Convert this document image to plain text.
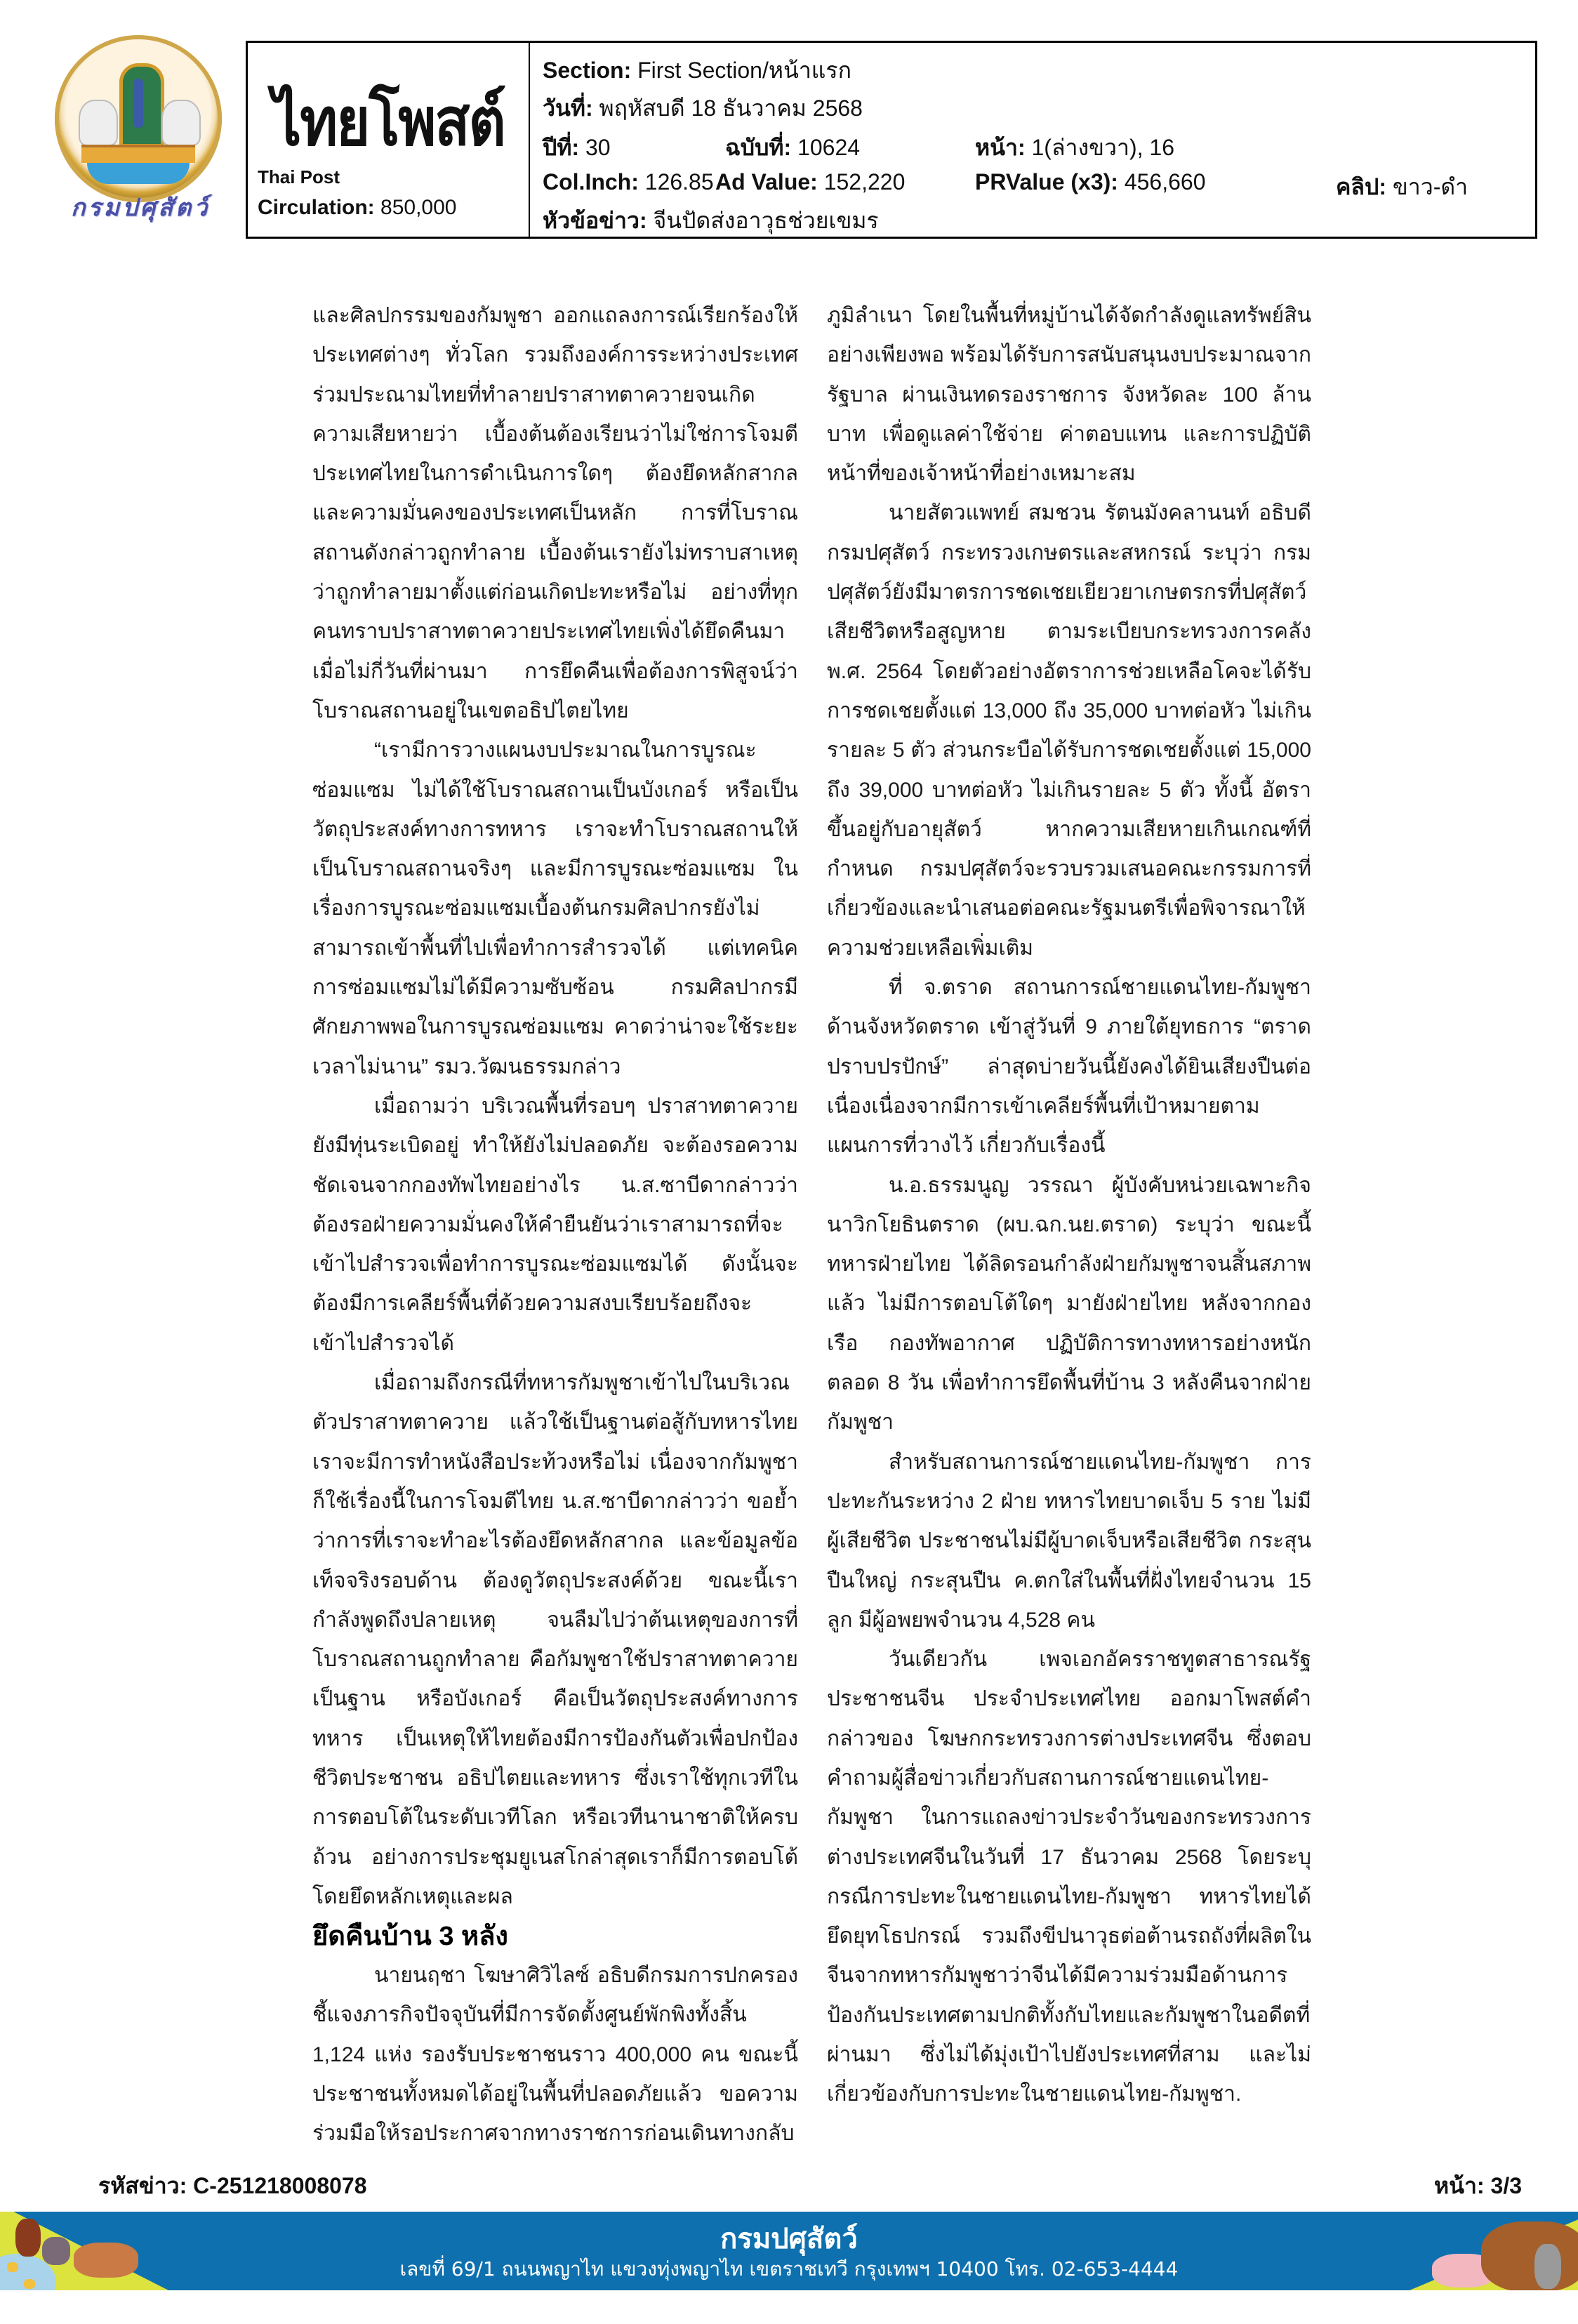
กรมปศุสัตว์
ไทยโพสต์
Thai Post
Circulation: 850,000
Section: First Section/หน้าแรก
วันที่: พฤหัสบดี 18 ธันวาคม 2568
ปีที่: 30	ฉบับที่: 10624	หน้า: 1(ล่างขวา), 16
Col.Inch: 126.85 Ad Value: 152,220	PRValue (x3): 456,660	คลิป: ขาว-ดำ
หัวข้อข่าว: จีนปัดส่งอาวุธช่วยเขมร

และศิลปกรรมของกัมพูชา ออกแถลงการณ์เรียกร้องให้ประเทศต่างๆ ทั่วโลก รวมถึงองค์การระหว่างประเทศร่วมประณามไทยที่ทำลายปราสาทตาควายจนเกิดความเสียหายว่า เบื้องต้นต้องเรียนว่าไม่ใช่การโจมตีประเทศไทยในการดำเนินการใดๆ ต้องยึดหลักสากลและความมั่นคงของประเทศเป็นหลัก การที่โบราณสถานดังกล่าวถูกทำลาย เบื้องต้นเรายังไม่ทราบสาเหตุว่าถูกทำลายมาตั้งแต่ก่อนเกิดปะทะหรือไม่ อย่างที่ทุกคนทราบปราสาทตาควายประเทศไทยเพิ่งได้ยึดคืนมาเมื่อไม่กี่วันที่ผ่านมา การยึดคืนเพื่อต้องการพิสูจน์ว่าโบราณสถานอยู่ในเขตอธิปไตยไทย

“เรามีการวางแผนงบประมาณในการบูรณะซ่อมแซม ไม่ได้ใช้โบราณสถานเป็นบังเกอร์ หรือเป็นวัตถุประสงค์ทางการทหาร เราจะทำโบราณสถานให้เป็นโบราณสถานจริงๆ และมีการบูรณะซ่อมแซม ในเรื่องการบูรณะซ่อมแซมเบื้องต้นกรมศิลปากรยังไม่สามารถเข้าพื้นที่ไปเพื่อทำการสำรวจได้ แต่เทคนิคการซ่อมแซมไม่ได้มีความซับซ้อน กรมศิลปากรมีศักยภาพพอในการบูรณซ่อมแซม คาดว่าน่าจะใช้ระยะเวลาไม่นาน” รมว.วัฒนธรรมกล่าว

เมื่อถามว่า บริเวณพื้นที่รอบๆ ปราสาทตาควายยังมีทุ่นระเบิดอยู่ ทำให้ยังไม่ปลอดภัย จะต้องรอความชัดเจนจากกองทัพไทยอย่างไร น.ส.ซาบีดากล่าวว่า ต้องรอฝ่ายความมั่นคงให้คำยืนยันว่าเราสามารถที่จะเข้าไปสำรวจเพื่อทำการบูรณะซ่อมแซมได้ ดังนั้นจะต้องมีการเคลียร์พื้นที่ด้วยความสงบเรียบร้อยถึงจะเข้าไปสำรวจได้

เมื่อถามถึงกรณีที่ทหารกัมพูชาเข้าไปในบริเวณตัวปราสาทตาควาย แล้วใช้เป็นฐานต่อสู้กับทหารไทย เราจะมีการทำหนังสือประท้วงหรือไม่ เนื่องจากกัมพูชาก็ใช้เรื่องนี้ในการโจมตีไทย น.ส.ซาบีดากล่าวว่า ขอย้ำว่าการที่เราจะทำอะไรต้องยึดหลักสากล และข้อมูลข้อเท็จจริงรอบด้าน ต้องดูวัตถุประสงค์ด้วย ขณะนี้เรากำลังพูดถึงปลายเหตุ จนลืมไปว่าต้นเหตุของการที่โบราณสถานถูกทำลาย คือกัมพูชาใช้ปราสาทตาควายเป็นฐาน หรือบังเกอร์ คือเป็นวัตถุประสงค์ทางการทหาร เป็นเหตุให้ไทยต้องมีการป้องกันตัวเพื่อปกป้องชีวิตประชาชน อธิปไตยและทหาร ซึ่งเราใช้ทุกเวทีในการตอบโต้ในระดับเวทีโลก หรือเวทีนานาชาติให้ครบถ้วน อย่างการประชุมยูเนสโกล่าสุดเราก็มีการตอบโต้โดยยึดหลักเหตุและผล

ยึดคืนบ้าน 3 หลัง

นายนฤชา โฆษาศิวิไลซ์ อธิบดีกรมการปกครอง ชี้แจงภารกิจปัจจุบันที่มีการจัดตั้งศูนย์พักพิงทั้งสิ้น 1,124 แห่ง รองรับประชาชนราว 400,000 คน ขณะนี้ประชาชนทั้งหมดได้อยู่ในพื้นที่ปลอดภัยแล้ว ขอความร่วมมือให้รอประกาศจากทางราชการก่อนเดินทางกลับ

ภูมิลำเนา โดยในพื้นที่หมู่บ้านได้จัดกำลังดูแลทรัพย์สินอย่างเพียงพอ พร้อมได้รับการสนับสนุนงบประมาณจากรัฐบาล ผ่านเงินทดรองราชการ จังหวัดละ 100 ล้านบาท เพื่อดูแลค่าใช้จ่าย ค่าตอบแทน และการปฏิบัติหน้าที่ของเจ้าหน้าที่อย่างเหมาะสม

นายสัตวแพทย์ สมชวน รัตนมังคลานนท์ อธิบดีกรมปศุสัตว์ กระทรวงเกษตรและสหกรณ์ ระบุว่า กรมปศุสัตว์ยังมีมาตรการชดเชยเยียวยาเกษตรกรที่ปศุสัตว์เสียชีวิตหรือสูญหาย ตามระเบียบกระทรวงการคลัง พ.ศ. 2564 โดยตัวอย่างอัตราการช่วยเหลือโคจะได้รับการชดเชยตั้งแต่ 13,000 ถึง 35,000 บาทต่อหัว ไม่เกินรายละ 5 ตัว ส่วนกระบือได้รับการชดเชยตั้งแต่ 15,000 ถึง 39,000 บาทต่อหัว ไม่เกินรายละ 5 ตัว ทั้งนี้ อัตราขึ้นอยู่กับอายุสัตว์ หากความเสียหายเกินเกณฑ์ที่กำหนด กรมปศุสัตว์จะรวบรวมเสนอคณะกรรมการที่เกี่ยวข้องและนำเสนอต่อคณะรัฐมนตรีเพื่อพิจารณาให้ความช่วยเหลือเพิ่มเติม

ที่ จ.ตราด สถานการณ์ชายแดนไทย-กัมพูชา ด้านจังหวัดตราด เข้าสู่วันที่ 9 ภายใต้ยุทธการ “ตราดปราบปรปักษ์” ล่าสุดบ่ายวันนี้ยังคงได้ยินเสียงปืนต่อเนื่องเนื่องจากมีการเข้าเคลียร์พื้นที่เป้าหมายตามแผนการที่วางไว้ เกี่ยวกับเรื่องนี้

น.อ.ธรรมนูญ วรรณา ผู้บังคับหน่วยเฉพาะกิจนาวิกโยธินตราด (ผบ.ฉก.นย.ตราด) ระบุว่า ขณะนี้ทหารฝ่ายไทย ได้ลิดรอนกำลังฝ่ายกัมพูชาจนสิ้นสภาพแล้ว ไม่มีการตอบโต้ใดๆ มายังฝ่ายไทย หลังจากกองเรือ กองทัพอากาศ ปฏิบัติการทางทหารอย่างหนักตลอด 8 วัน เพื่อทำการยึดพื้นที่บ้าน 3 หลังคืนจากฝ่ายกัมพูชา

สำหรับสถานการณ์ชายแดนไทย-กัมพูชา การปะทะกันระหว่าง 2 ฝ่าย ทหารไทยบาดเจ็บ 5 ราย ไม่มีผู้เสียชีวิต ประชาชนไม่มีผู้บาดเจ็บหรือเสียชีวิต กระสุนปืนใหญ่ กระสุนปืน ค.ตกใส่ในพื้นที่ฝั่งไทยจำนวน 15 ลูก มีผู้อพยพจำนวน 4,528 คน

วันเดียวกัน เพจเอกอัครราชทูตสาธารณรัฐประชาชนจีน ประจำประเทศไทย ออกมาโพสต์คำกล่าวของ โฆษกกระทรวงการต่างประเทศจีน ซึ่งตอบคำถามผู้สื่อข่าวเกี่ยวกับสถานการณ์ชายแดนไทย-กัมพูชา ในการแถลงข่าวประจำวันของกระทรวงการต่างประเทศจีนในวันที่ 17 ธันวาคม 2568 โดยระบุกรณีการปะทะในชายแดนไทย-กัมพูชา ทหารไทยได้ยึดยุทโธปกรณ์ รวมถึงขีปนาวุธต่อต้านรถถังที่ผลิตในจีนจากทหารกัมพูชาว่าจีนได้มีความร่วมมือด้านการป้องกันประเทศตามปกติทั้งกับไทยและกัมพูชาในอดีตที่ผ่านมา ซึ่งไม่ได้มุ่งเป้าไปยังประเทศที่สาม และไม่เกี่ยวข้องกับการปะทะในชายแดนไทย-กัมพูชา.

รหัสข่าว: C-251218008078	หน้า: 3/3
กรมปศุสัตว์
เลขที่ 69/1 ถนนพญาไท แขวงทุ่งพญาไท เขตราชเทวี กรุงเทพฯ 10400 โทร. 02-653-4444
